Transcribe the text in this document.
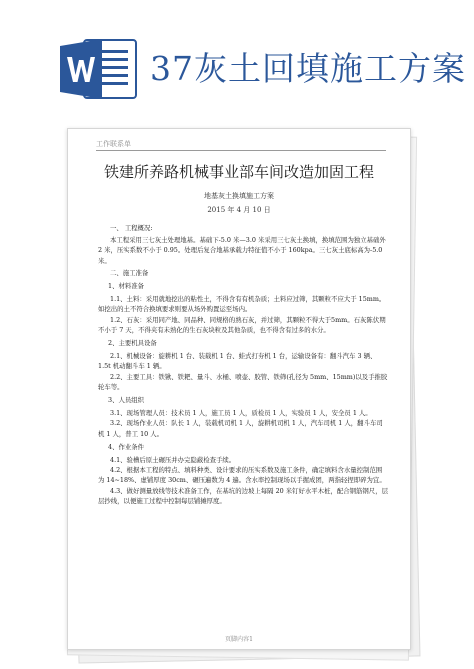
37灰土回填施工方案
工作联系单
铁建所养路机械事业部车间改造加固工程
地基灰土换填施工方案
2015 年 4 月 10 日

一、 工程概况:

本工程采用三七灰土处理地基。基础下-5.0 米—3.0 米采用三七灰土换填，换填范围为独立基础外 2 米，压实系数不小于 0.95。处理后复合地基承载力特征值不小于 160kpa。三七灰土底标高为-5.0 米。

二、施工准备

1、材料准备

1.1、土料：采用就地挖出的粘性土，不得含有有机杂质；土料应过筛，其颗粒不应大于 15mm。如挖出的土不符合换填要求则要从场外购置运至场内。

1.2、石灰：采用同产地、同品种、同规格的熟石灰，并过筛，其颗粒不得大于5mm。石灰陈伏期不小于 7 天，不得夹有未熟化的生石灰块粒及其他杂质，也不得含有过多的水分。

2、主要机具设备

2.1、机械设备：旋耕机 1 台、装载机 1 台、蛙式打夯机 1 台，运输设备有：翻斗汽车 3 辆、1.5t 机动翻斗车 1 辆。

2.2、主要工具：铁锹、铁耙、量斗、水桶、喷壶、胶管、铁筛(孔径为 5mm、15mm)以及手推胶轮车等。

3、人员组织

3.1、现场管理人员：技术员 1 人，施工员 1 人，质检员 1 人，实验员 1 人，安全员 1 人。

3.2、现场作业人员：队长 1 人，装载机司机 1 人，旋耕机司机 1 人，汽车司机 1 人，翻斗车司机 1 人，普工 10 人。

4、作业条件

4.1、验槽后原土碾压并办完隐蔽检查手续。

4.2、根据本工程的特点、填料种类、设计要求的压实系数及施工条件，确定填料含水量控制范围为 14~18%、虚铺厚度 30cm、碾压遍数为 4 遍。含水率控制现场以手握成团，两指轻捏即碎为宜。

4.3、做好测量放线等技术准备工作，在基坑的边坡上每隔 20 米钉好水平木桩，配合钢筋钢尺，层层抄线，以便施工过程中控制每层铺摊厚度。

页脚内容1
